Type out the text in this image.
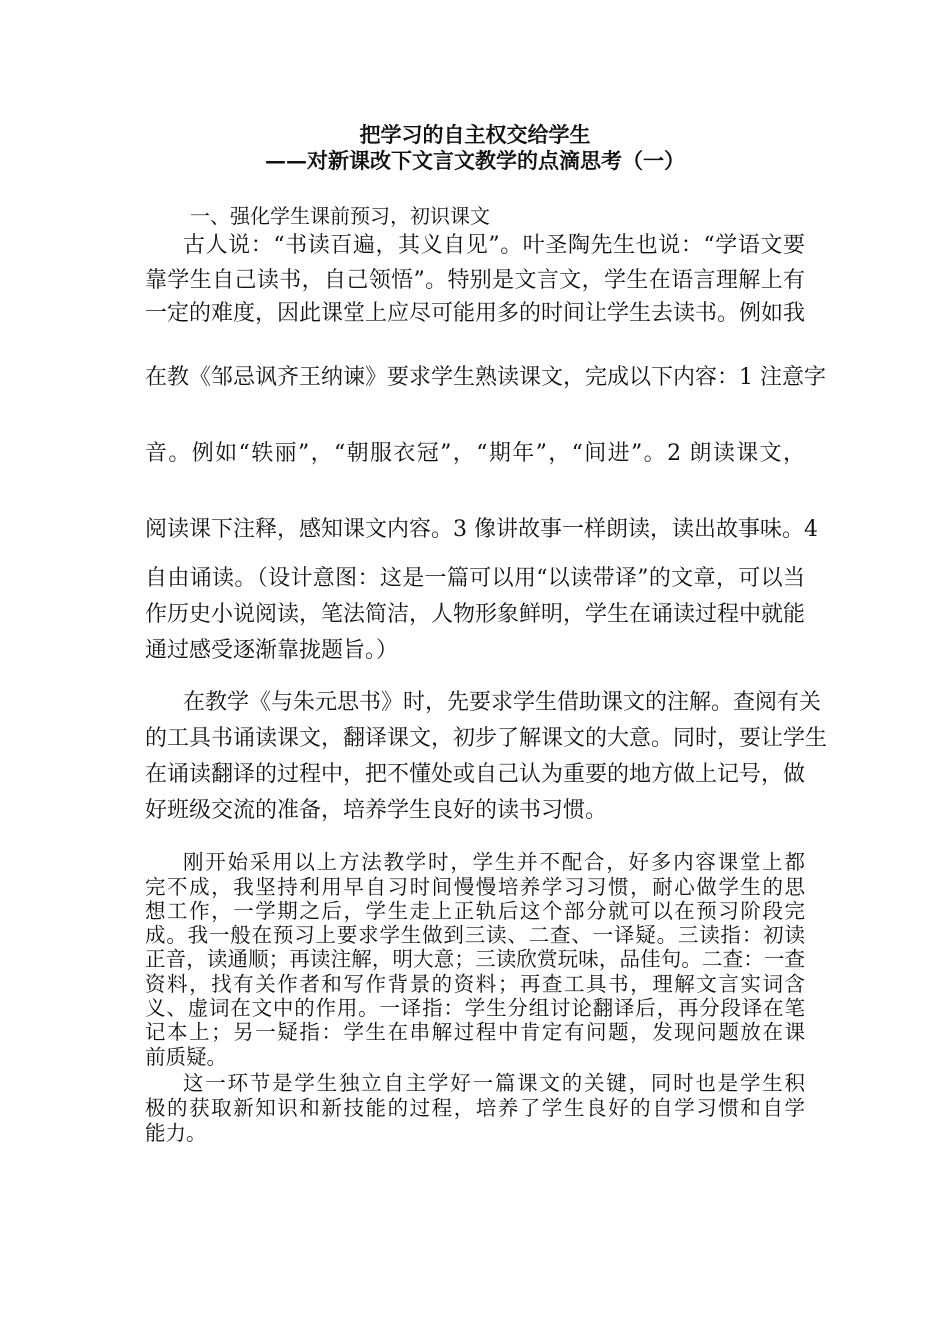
把学习的自主权交给学生
——对新课改下文言文教学的点滴思考（一）
一、强化学生课前预习，初识课文
古人说：“书读百遍，其义自见”。叶圣陶先生也说：“学语文要
靠学生自己读书，自己领悟”。特别是文言文，学生在语言理解上有
一定的难度，因此课堂上应尽可能用多的时间让学生去读书。例如我
在教《邹忌讽齐王纳谏》要求学生熟读课文，完成以下内容：1 注意字
音。例如“轶丽”，“朝服衣冠”，“期年”，“间进”。2 朗读课文，
阅读课下注释，感知课文内容。3 像讲故事一样朗读，读出故事味。4
自由诵读。（设计意图：这是一篇可以用“以读带译”的文章，可以当
作历史小说阅读，笔法简洁，人物形象鲜明，学生在诵读过程中就能
通过感受逐渐靠拢题旨。）
在教学《与朱元思书》时，先要求学生借助课文的注解。查阅有关
的工具书诵读课文，翻译课文，初步了解课文的大意。同时，要让学生
在诵读翻译的过程中，把不懂处或自己认为重要的地方做上记号，做
好班级交流的准备，培养学生良好的读书习惯。
刚开始采用以上方法教学时，学生并不配合，好多内容课堂上都
完不成，我坚持利用早自习时间慢慢培养学习习惯，耐心做学生的思
想工作，一学期之后，学生走上正轨后这个部分就可以在预习阶段完
成。我一般在预习上要求学生做到三读、二查、一译疑。三读指：初读
正音，读通顺；再读注解，明大意；三读欣赏玩味，品佳句。二查：一查
资料，找有关作者和写作背景的资料；再查工具书，理解文言实词含
义、虚词在文中的作用。一译指：学生分组讨论翻译后，再分段译在笔
记本上；另一疑指：学生在串解过程中肯定有问题，发现问题放在课
前质疑。
这一环节是学生独立自主学好一篇课文的关键，同时也是学生积
极的获取新知识和新技能的过程，培养了学生良好的自学习惯和自学
能力。
